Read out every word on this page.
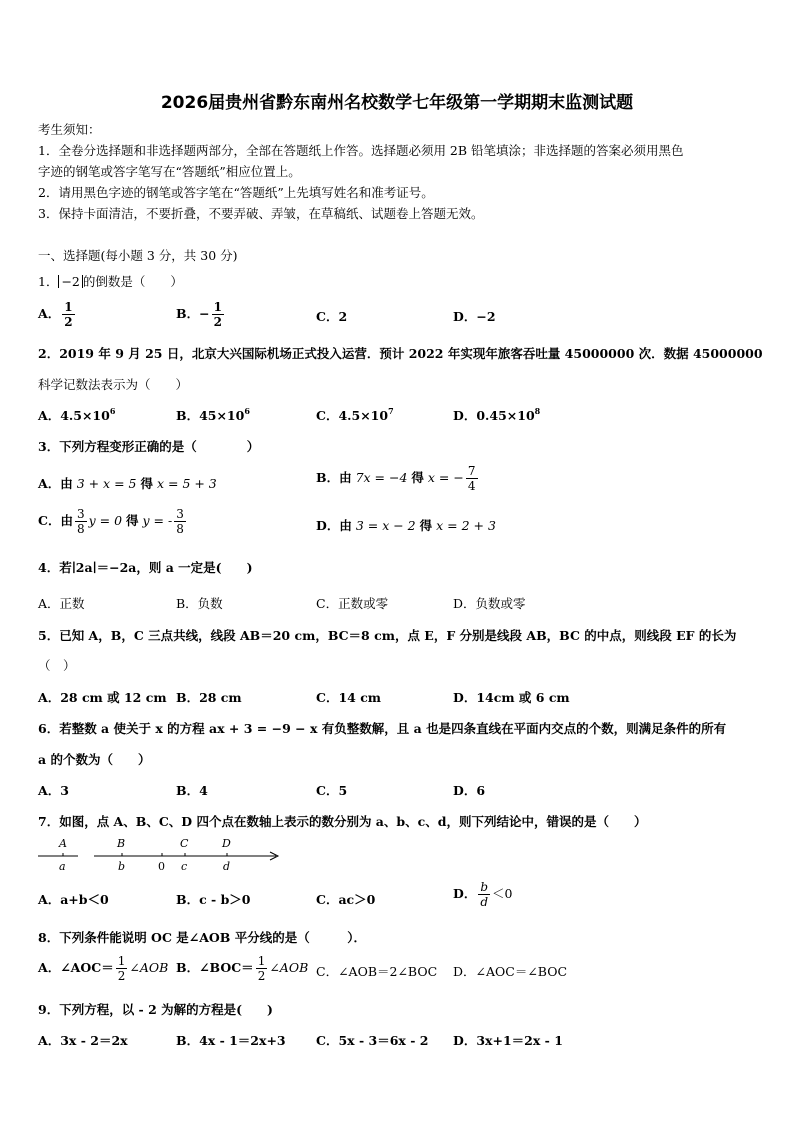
2026届贵州省黔东南州名校数学七年级第一学期期末监测试题
考生须知：
1．全卷分选择题和非选择题两部分，全部在答题纸上作答。选择题必须用 2B 铅笔填涂；非选择题的答案必须用黑色
字迹的钢笔或答字笔写在“答题纸”相应位置上。
2．请用黑色字迹的钢笔或答字笔在“答题纸”上先填写姓名和准考证号。
3．保持卡面清洁，不要折叠，不要弄破、弄皱，在草稿纸、试题卷上答题无效。
一、选择题(每小题 3 分，共 30 分)
1． −2 的倒数是（　　）
A． $\frac{1}{2}$	B．− $\frac{1}{2}$	C．2	D．−2
2．2019 年 9 月 25 日，北京大兴国际机场正式投入运营．预计 2022 年实现年旅客吞吐量 45000000 次．数据 45000000
科学记数法表示为（　　）
A．$4.5\times 10^6$	B．$45\times 10^6$	C．$4.5\times 10^7$	D．$0.45\times 10^8$
3．下列方程变形正确的是（　　　　）
A．由 3 + x = 5 得 x = 5 + 3	B．由 7x = −4 得 x = − $\frac{7}{4}$
C．由 $\frac{3}{8}$ y = 0 得 y = - $\frac{3}{8}$	D．由 3 = x − 2 得 x = 2 + 3
4．若∣2a∣＝−2a，则 a 一定是(　　)
A．正数	B．负数	C．正数或零	D．负数或零
5．已知 A，B，C 三点共线，线段 AB＝20 cm，BC＝8 cm，点 E，F 分别是线段 AB，BC 的中点，则线段 EF 的长为
（　）
A．28 cm 或 12 cm B．28 cm	C．14 cm	D．14cm 或 6 cm
6．若整数 a 使关于 x 的方程 ax + 3 = −9 − x 有负整数解，且 a 也是四条直线在平面内交点的个数，则满足条件的所有
a 的个数为（　　）
A．3	B．4	C．5	D．6
7．如图，点 A、B、C、D 四个点在数轴上表示的数分别为 a、b、c、d，则下列结论中，错误的是（　　）
A	B	C	D
a	b	0 c	d
A．a+b＜0	B．c - b＞0	C．ac＞0	D． $\frac{b}{d} <0$
8．下列条件能说明 OC 是∠AOB 平分线的是（　　　）．
A．∠AOC＝ $\frac{1}{2}$ ∠AOB B．∠BOC＝ $\frac{1}{2}$ ∠AOB C．∠AOB＝2∠BOC D．∠AOC＝∠BOC
9．下列方程，以 - 2 为解的方程是(　　)
A．3x - 2＝2x	B．4x - 1＝2x+3 C．5x - 3＝6x - 2 D．3x+1＝2x - 1
